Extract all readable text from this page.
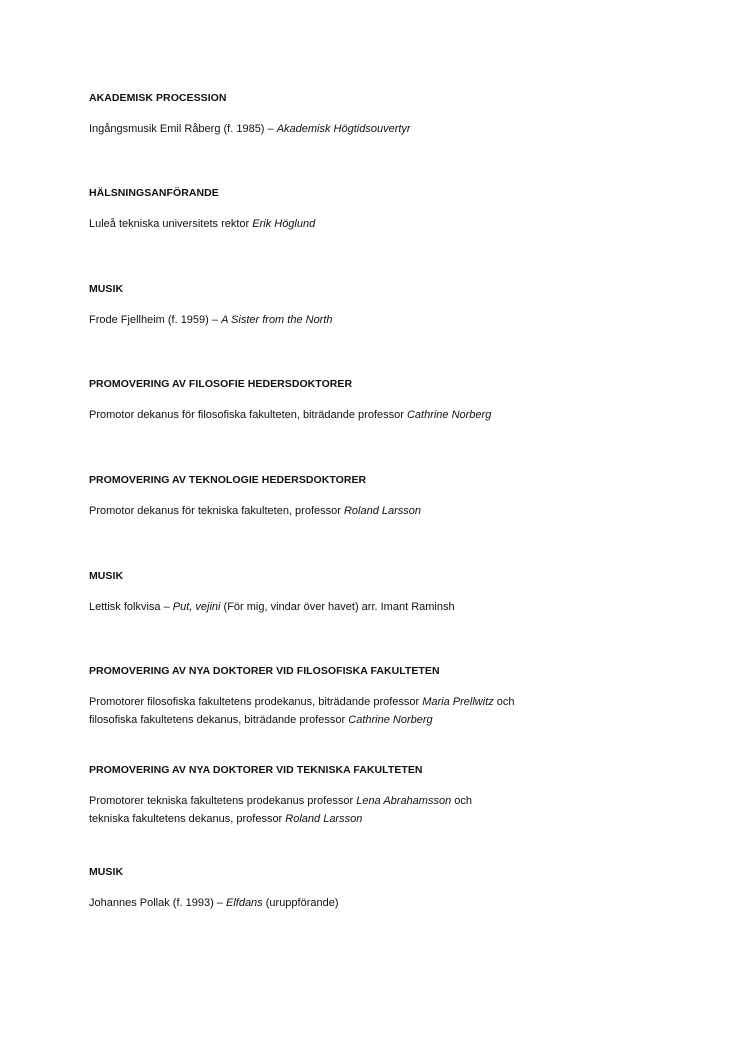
AKADEMISK PROCESSION

Ingångsmusik Emil Råberg (f. 1985) – Akademisk Högtidsouvertyr

HÄLSNINGSANFÖRANDE

Luleå tekniska universitets rektor Erik Höglund

MUSIK

Frode Fjellheim (f. 1959) – A Sister from the North

PROMOVERING AV FILOSOFIE HEDERSDOKTORER

Promotor dekanus för filosofiska fakulteten, biträdande professor Cathrine Norberg

PROMOVERING AV TEKNOLOGIE HEDERSDOKTORER

Promotor dekanus för tekniska fakulteten, professor Roland Larsson

MUSIK

Lettisk folkvisa – Put, vejini (För mig, vindar över havet) arr. Imant Raminsh

PROMOVERING AV NYA DOKTORER VID FILOSOFISKA FAKULTETEN

Promotorer filosofiska fakultetens prodekanus, biträdande professor Maria Prellwitz och

filosofiska fakultetens dekanus, biträdande professor Cathrine Norberg

PROMOVERING AV NYA DOKTORER VID TEKNISKA FAKULTETEN

Promotorer tekniska fakultetens prodekanus professor Lena Abrahamsson och

tekniska fakultetens dekanus, professor Roland Larsson

MUSIK

Johannes Pollak (f. 1993) – Elfdans (uruppförande)
